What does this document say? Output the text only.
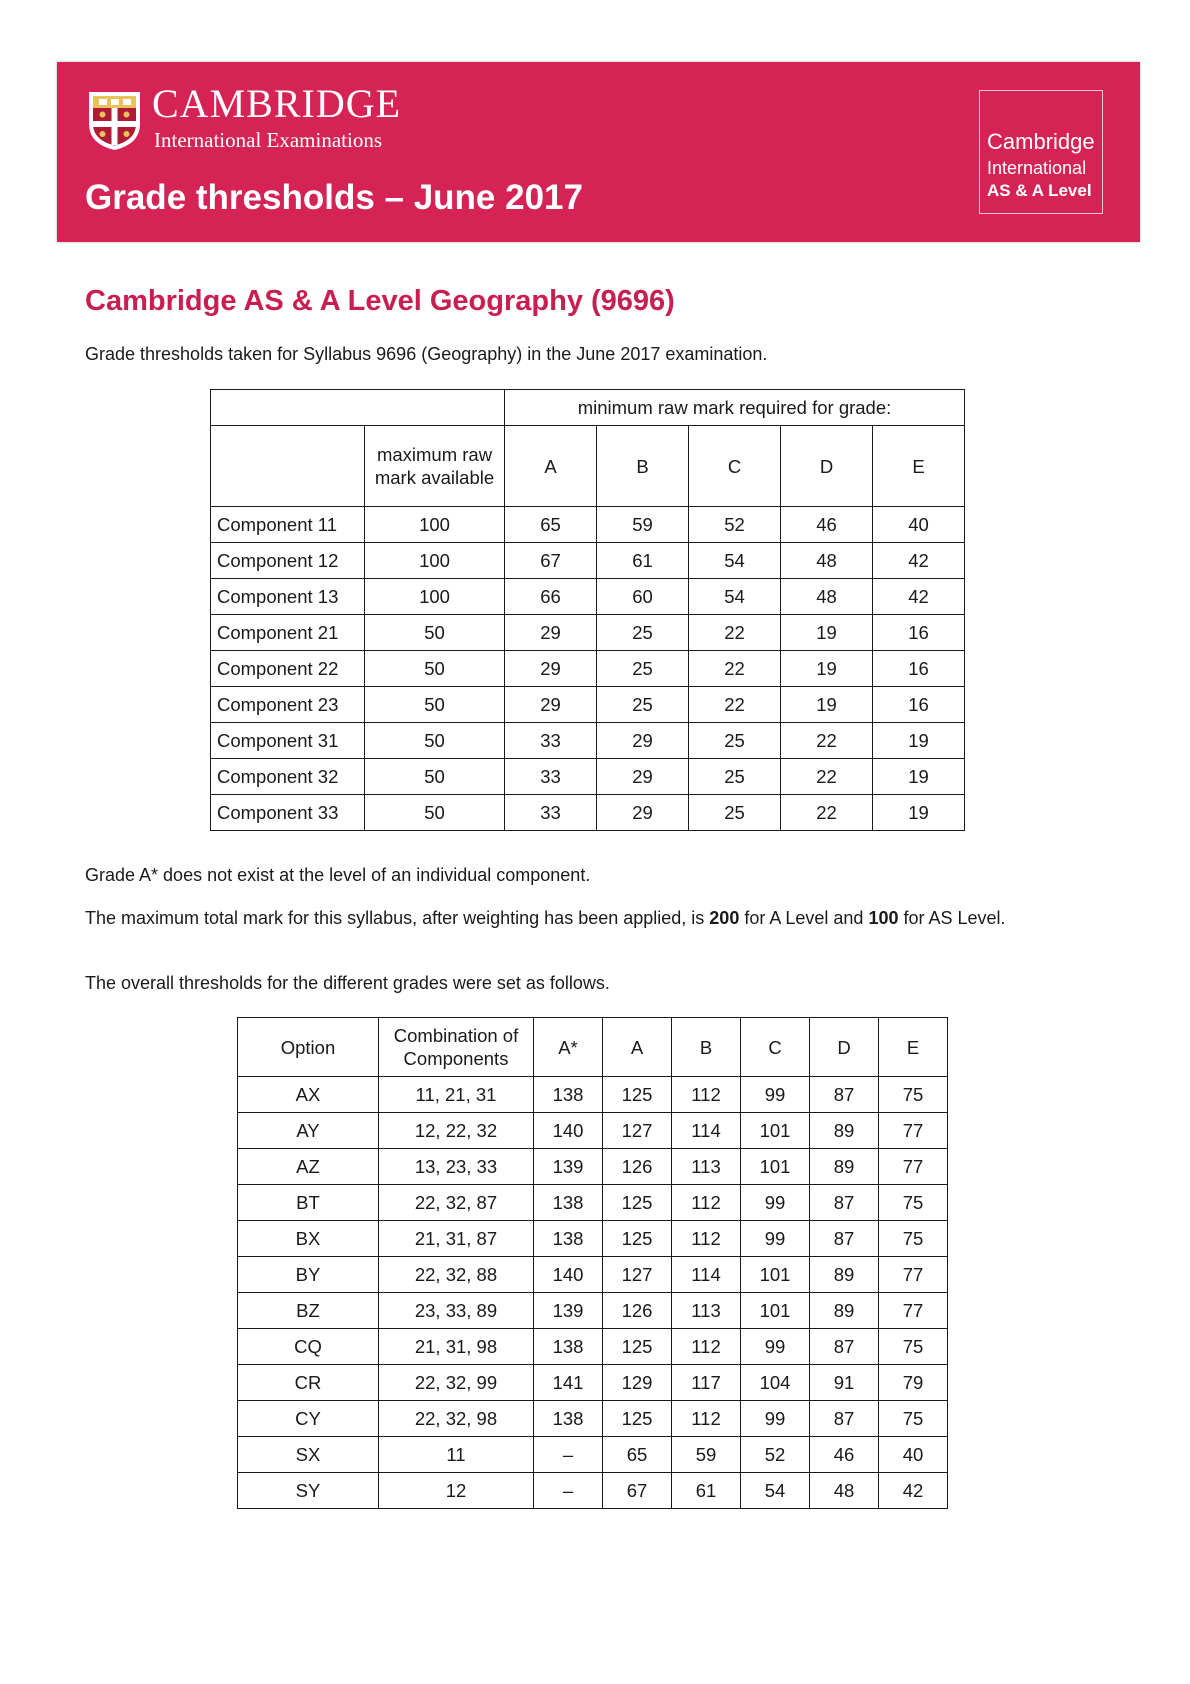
CAMBRIDGE
International Examinations
Grade thresholds – June 2017
Cambridge
International
AS & A Level
Cambridge AS & A Level Geography (9696)

Grade thresholds taken for Syllabus 9696 (Geography) in the June 2017 examination.

		minimum raw mark required for grade:				
	maximum raw mark available	A	B	C	D	E
Component 11	100	65	59	52	46	40
Component 12	100	67	61	54	48	42
Component 13	100	66	60	54	48	42
Component 21	50	29	25	22	19	16
Component 22	50	29	25	22	19	16
Component 23	50	29	25	22	19	16
Component 31	50	33	29	25	22	19
Component 32	50	33	29	25	22	19
Component 33	50	33	29	25	22	19

Grade A* does not exist at the level of an individual component.

The maximum total mark for this syllabus, after weighting has been applied, is 200 for A Level and 100 for AS Level.

The overall thresholds for the different grades were set as follows.

Option	Combination of Components	A*	A	B	C	D	E
AX	11, 21, 31	138	125	112	99	87	75
AY	12, 22, 32	140	127	114	101	89	77
AZ	13, 23, 33	139	126	113	101	89	77
BT	22, 32, 87	138	125	112	99	87	75
BX	21, 31, 87	138	125	112	99	87	75
BY	22, 32, 88	140	127	114	101	89	77
BZ	23, 33, 89	139	126	113	101	89	77
CQ	21, 31, 98	138	125	112	99	87	75
CR	22, 32, 99	141	129	117	104	91	79
CY	22, 32, 98	138	125	112	99	87	75
SX	11	–	65	59	52	46	40
SY	12	–	67	61	54	48	42
